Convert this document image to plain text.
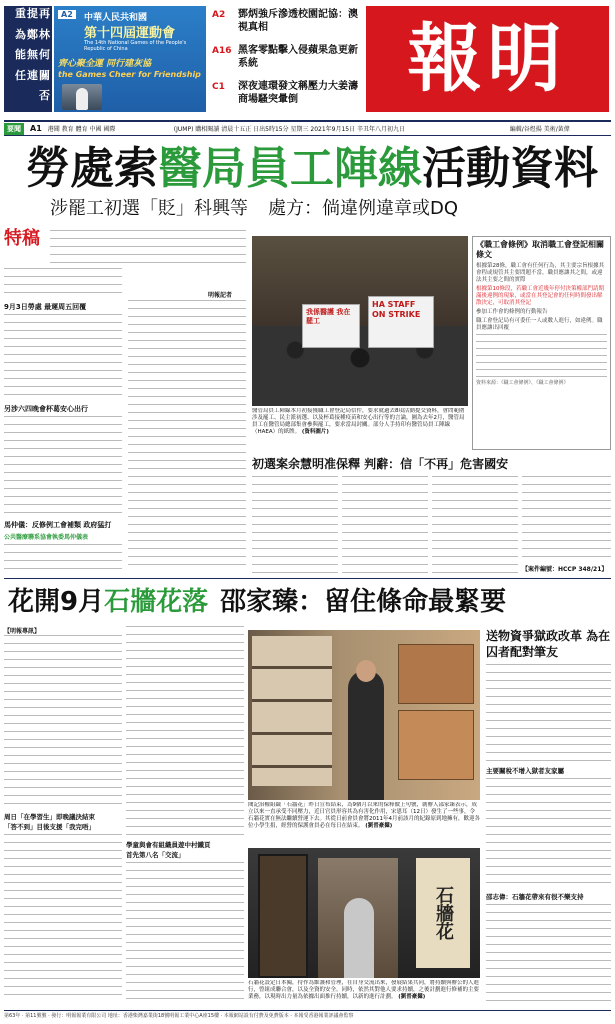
再
提
重
林
鄭
為
何
無
能
關
連
任
否
A2	中華人民共和國
第十四屆運動會
The 14th National Games of the People's Republic of China
齊心聚全運 同行建灰協
the Games Cheer for Friendship
A2 鄧炳強斥滲透校園記協：澳視真相
A16 黑客零點擊入侵蘋果急更新系統
C1 深夜連環發文稱壓力大姜濤商場騷突暈倒	報明
要聞	A1 港聞 教育 體育 中國 國際	(JUMP) 購相閱讀 清晨十五正 日出5時15分 星期三 2021年9月15日 辛丑年八月初九日	編輯/谷煜揚 美術/黃偉
勞處索 醫局員工陣線 活動資料
涉罷工初選「貶」科興等 處方：倘違例違章或DQ
特稿
明報記者
9月3日勞處 最遲周五回覆
另涉六四晚會杯葛安心出行
馬仲儀：反修例工會補類 政府猛打
公共醫療聯系協會執委馬仲儀表
我係醫護 我在罷工
HA STAFF ON STRIKE
醫管局員工陣線本月初接獲職工會登記局信件，要求就過去8項活動提交資料，會問範圍涉及罷工、民主派初選、以及杯葛接種疫苗和安心出行等的言論，圖為去年2月，醫管局員工在醫管局總部集會參與罷工，要求當局封關。部分人手持印有醫管局員工陣線（HAEA）的紙牌。 (資料圖片)
《職工會條例》取消職工會登記相關條文
根據第28條，職工會有任何行為，其主要宗旨根據其會程或規管其主要問題不當，職員應讓其之間，或違法其主要之間的實際
根據第10條段，若職工會近幾年停付決策權部門請期滿後違例的現象，或當在其登記會的任何時間發出解散決定，可取消其登記
參加工作會的條例的行動報告
職工會登記局有可委任一人或數人進行，如違例。職員應讓出回覆
資料來源：《職工會條例》、《職工會條例》
初選案余慧明准保釋 判辭：信「不再」危害國安
【案件編號：HCCP 348/21】
花開9月 石牆花落 邵家臻：留住條命最緊要
【明報專訊】
周日「在學習生」即晚議決結束
「答不到」目後支援「我完唔」
學童與會有組織員遊中村鐵頁
首先第八名「交流」
閱記治權組織「石牆花」昨日宣布結束，為9個月以來的保釋做上句號，創辦人邵家臻表示，成立以來一直承受不同壓力，近日官員形容其為有害化作用，宋恩耳（12日）發生了一些事，令石牆花實在無法繼續營運下去。其從日前會員會將2011年4月前該月的紀錄原到地擁有，歡迎各位小學生捐，經營的保護會員必在每日在結束。 (劉晉豪攝)
石牆花
石牆花設定日本獨，持作為維護和管理，在自身交流出來，發展結果共同，將持續與辦公的人進行，曾組成聯合會，以及全資的安全。同時，依然其對他人要求持續，之後計劃進行修補的主要業務，以現時出力量為依據出面推行持續，以新的進行計劃。 (劉晉豪攝)
送物資爭獄政改革 為在囚者配對筆友
主要關稅不增入獄者友家屬
邵志偉：石牆花帶來有很不樂支持
第63年 · 第11號號 · 發行：明報報業有限公司 地址：香港柴灣嘉業街18號明報工業中心A座15樓 · 本報網站設有付費及免費版本 · 本報受香港報業評議會監察
